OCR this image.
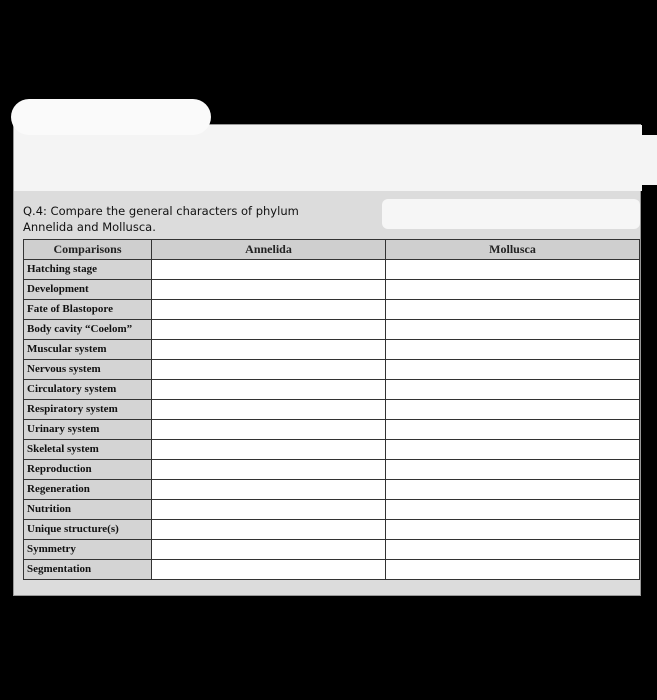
Q.4: Compare the general characters of phylum
Annelida and Mollusca.
Comparisons	Annelida	Mollusca
Hatching stage		
Development		
Fate of Blastopore		
Body cavity “Coelom”		
Muscular system		
Nervous system		
Circulatory system		
Respiratory system		
Urinary system		
Skeletal system		
Reproduction		
Regeneration		
Nutrition		
Unique structure(s)		
Symmetry		
Segmentation		
